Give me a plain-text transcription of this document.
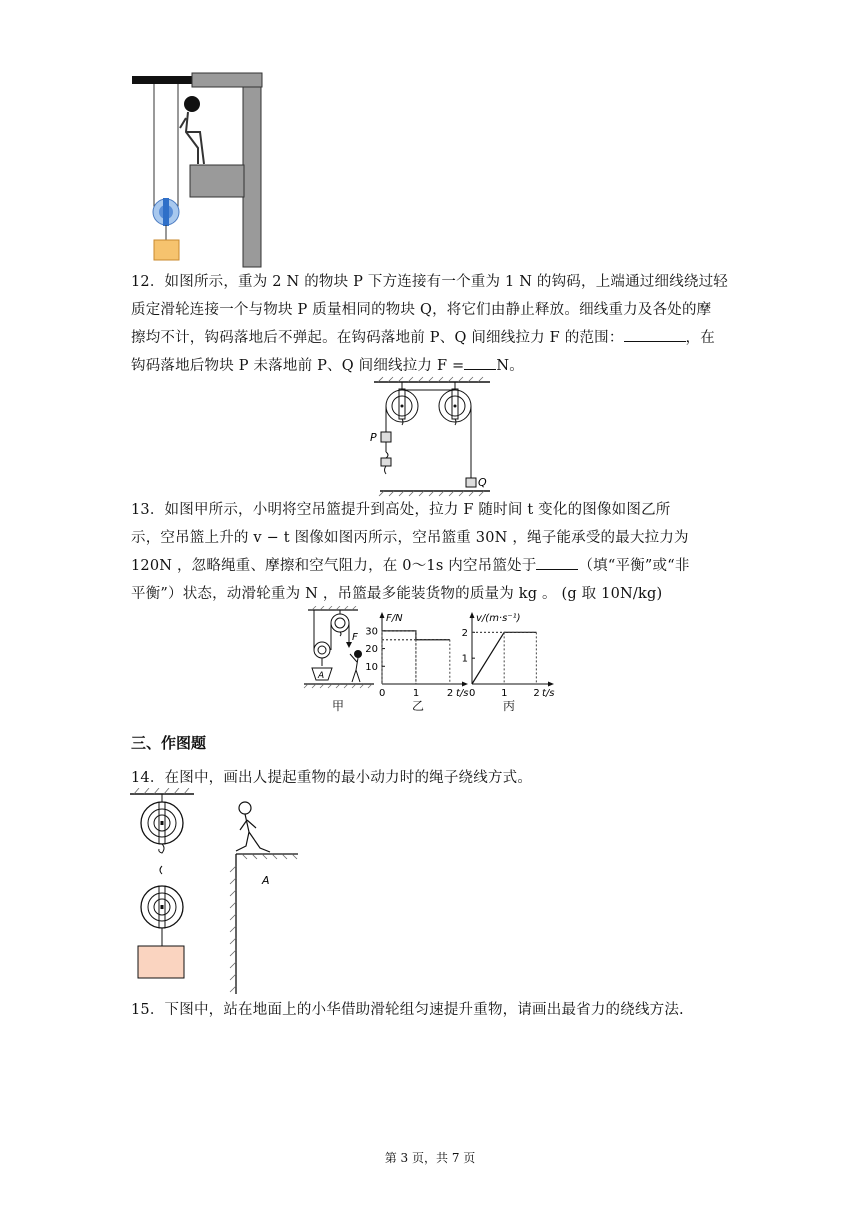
12．如图所示，重为 2 N 的物块 P 下方连接有一个重为 1 N 的钩码，上端通过细线绕过轻
质定滑轮连接一个与物块 P 质量相同的物块 Q，将它们由静止释放。细线重力及各处的摩
擦均不计，钩码落地后不弹起。在钩码落地前 P、Q 间细线拉力 F 的范围：	，在
钩码落地后物块 P 未落地前 P、Q 间细线拉力 F = N。
P
Q
13．如图甲所示，小明将空吊篮提升到高处，拉力 F 随时间 t 变化的图像如图乙所
示，空吊篮上升的 v − t 图像如图丙所示，空吊篮重 30N ，绳子能承受的最大拉力为
120N ，忽略绳重、摩擦和空气阻力，在 0～1s 内空吊篮处于	（填“平衡”或“非
平衡”）状态，动滑轮重为 N ，吊篮最多能装货物的质量为 kg 。 (g 取 10N/kg)
A
F
甲
F/N
t/s
0	1	2
10
20
30
乙
v/(m·s⁻¹)
t/s
0	1	2
1
2
丙
三、作图题
14．在图中，画出人提起重物的最小动力时的绳子绕线方式。
A
15．下图中，站在地面上的小华借助滑轮组匀速提升重物，请画出最省力的绕线方法.
第 3 页，共 7 页
